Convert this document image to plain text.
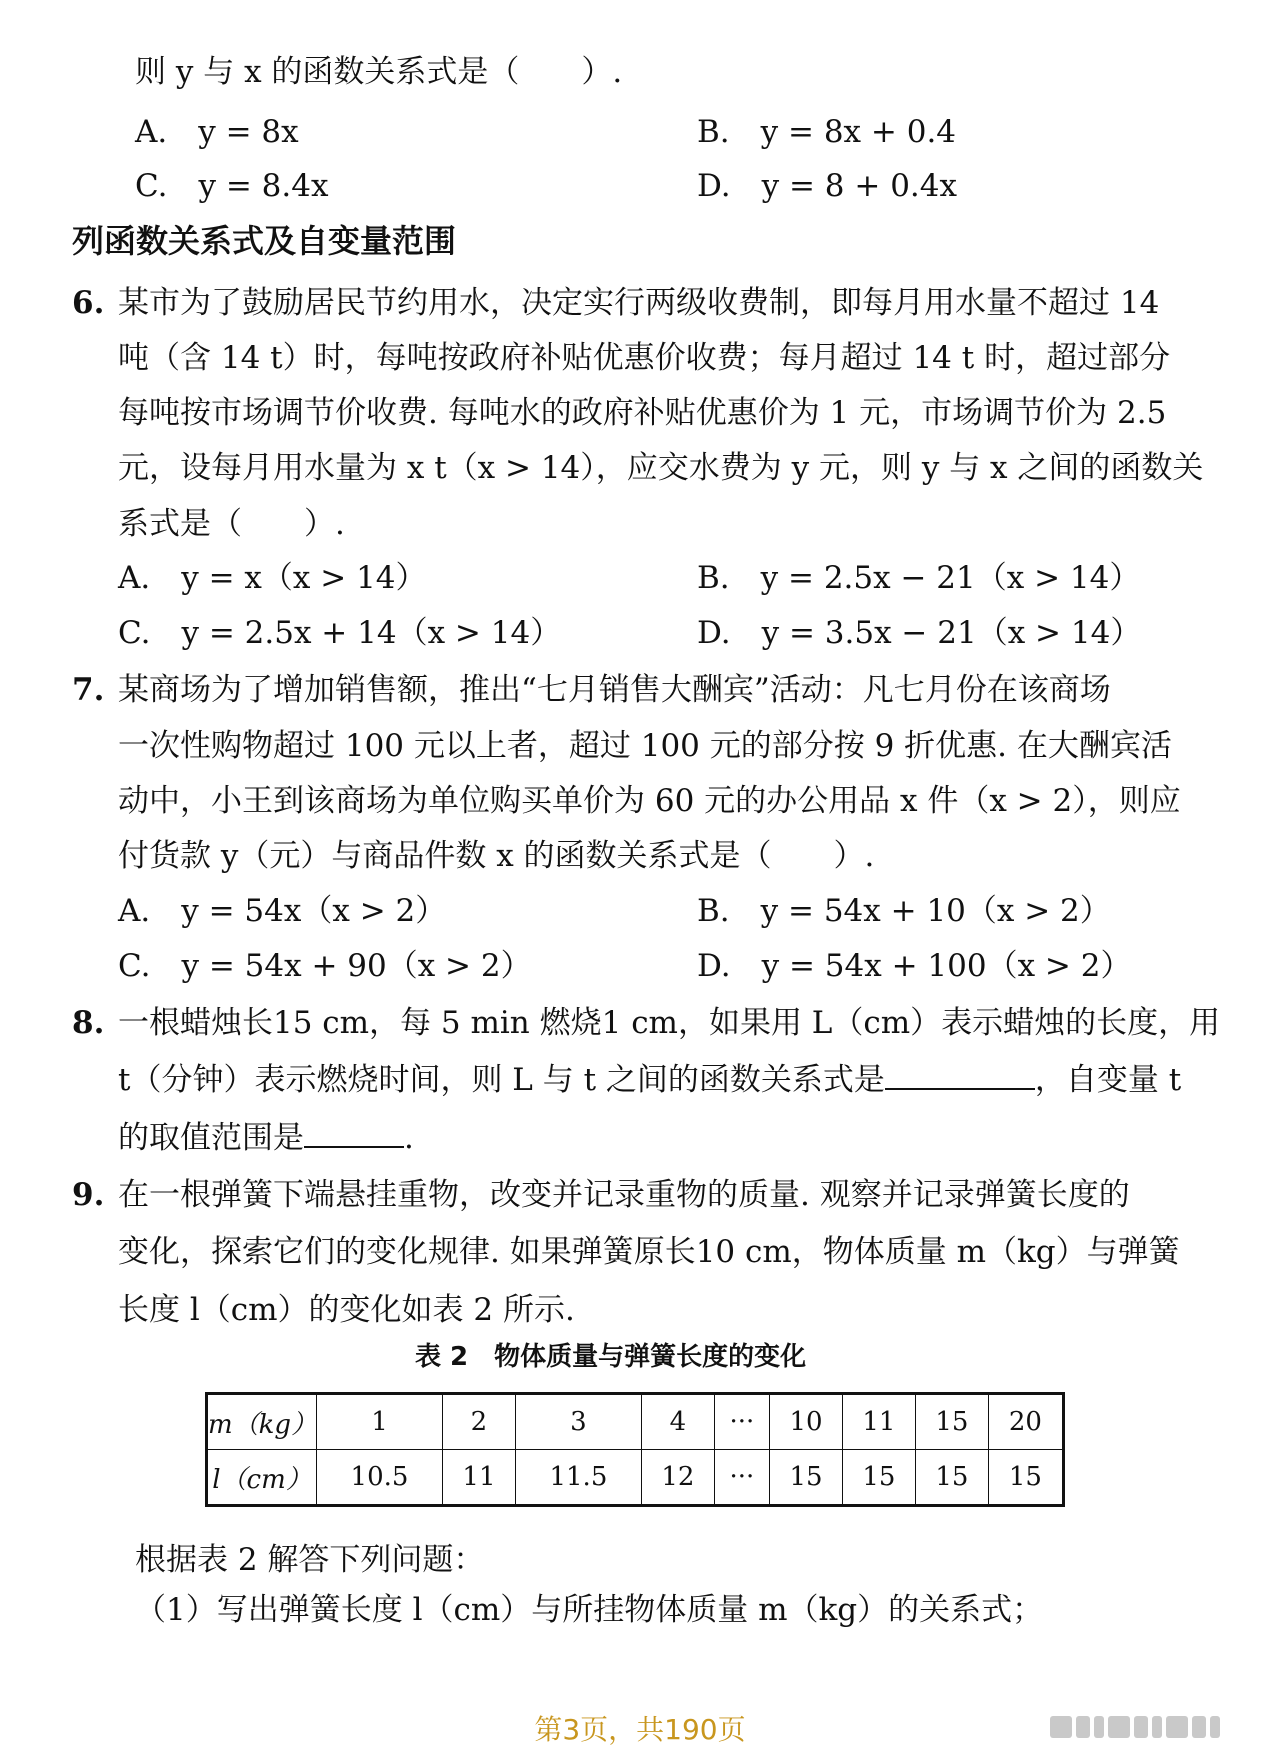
则 y 与 x 的函数关系式是（　　）.
A.　y = 8x	B.　y = 8x + 0.4
C.　y = 8.4x	D.　y = 8 + 0.4x
列函数关系式及自变量范围
6. 某市为了鼓励居民节约用水，决定实行两级收费制，即每月用水量不超过 14
吨（含 14 t）时，每吨按政府补贴优惠价收费；每月超过 14 t 时，超过部分
每吨按市场调节价收费. 每吨水的政府补贴优惠价为 1 元，市场调节价为 2.5
元，设每月用水量为 x t（x > 14），应交水费为 y 元，则 y 与 x 之间的函数关
系式是（　　）.
A.　y = x（x > 14）	B.　y = 2.5x − 21（x > 14）
C.　y = 2.5x + 14（x > 14）	D.　y = 3.5x − 21（x > 14）
7. 某商场为了增加销售额，推出“七月销售大酬宾”活动：凡七月份在该商场
一次性购物超过 100 元以上者，超过 100 元的部分按 9 折优惠. 在大酬宾活
动中，小王到该商场为单位购买单价为 60 元的办公用品 x 件（x > 2），则应
付货款 y（元）与商品件数 x 的函数关系式是（　　）.
A.　y = 54x（x > 2）	B.　y = 54x + 10（x > 2）
C.　y = 54x + 90（x > 2）	D.　y = 54x + 100（x > 2）
8. 一根蜡烛长15 cm，每 5 min 燃烧1 cm，如果用 L（cm）表示蜡烛的长度，用
t（分钟）表示燃烧时间，则 L 与 t 之间的函数关系式是	，自变量 t
的取值范围是	.
9. 在一根弹簧下端悬挂重物，改变并记录重物的质量. 观察并记录弹簧长度的
变化，探索它们的变化规律. 如果弹簧原长10 cm，物体质量 m（kg）与弹簧
长度 l（cm）的变化如表 2 所示.
表 2　物体质量与弹簧长度的变化
m（kg）	1	2	3	4	···	10	11	15	20
l（cm）	10.5	11	11.5	12	···	15	15	15	15
根据表 2 解答下列问题：
（1）写出弹簧长度 l（cm）与所挂物体质量 m（kg）的关系式；
第3页，共190页
